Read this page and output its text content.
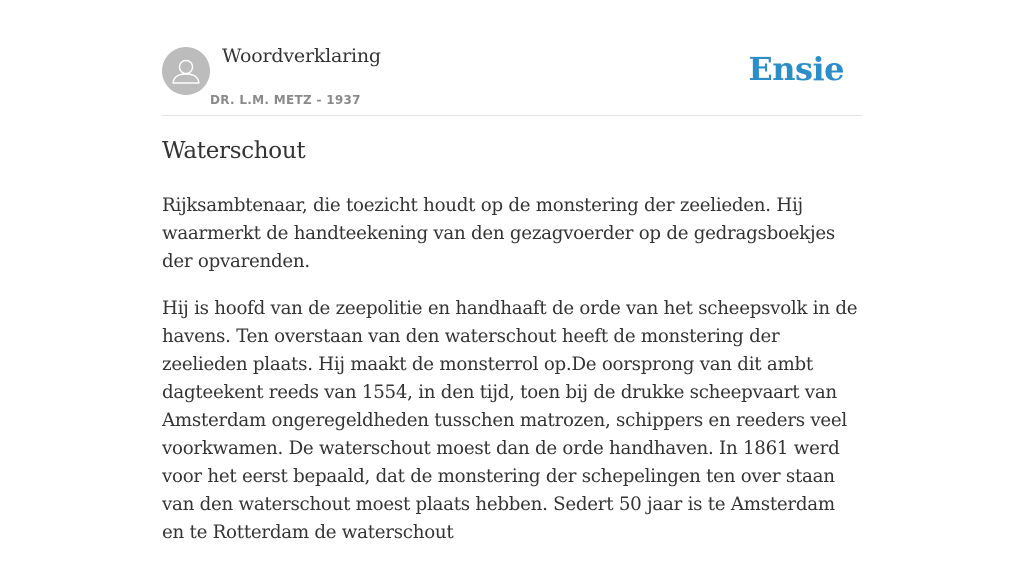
Woordverklaring
DR. L.M. METZ - 1937
Ensie
Waterschout

Rijksambtenaar, die toezicht houdt op de monstering der zeelieden. Hij waarmerkt de handteekening van den gezagvoerder op de gedragsboekjes der opvarenden.

Hij is hoofd van de zeepolitie en handhaaft de orde van het scheepsvolk in de havens. Ten overstaan van den waterschout heeft de monstering der zeelieden plaats. Hij maakt de monsterrol op.De oorsprong van dit ambt dagteekent reeds van 1554, in den tijd, toen bij de drukke scheepvaart van Amsterdam ongeregeldheden tusschen matrozen, schippers en reeders veel voorkwamen. De waterschout moest dan de orde handhaven. In 1861 werd voor het eerst bepaald, dat de monstering der schepelingen ten over staan van den waterschout moest plaats hebben. Sedert 50 jaar is te Amsterdam en te Rotterdam de waterschout
